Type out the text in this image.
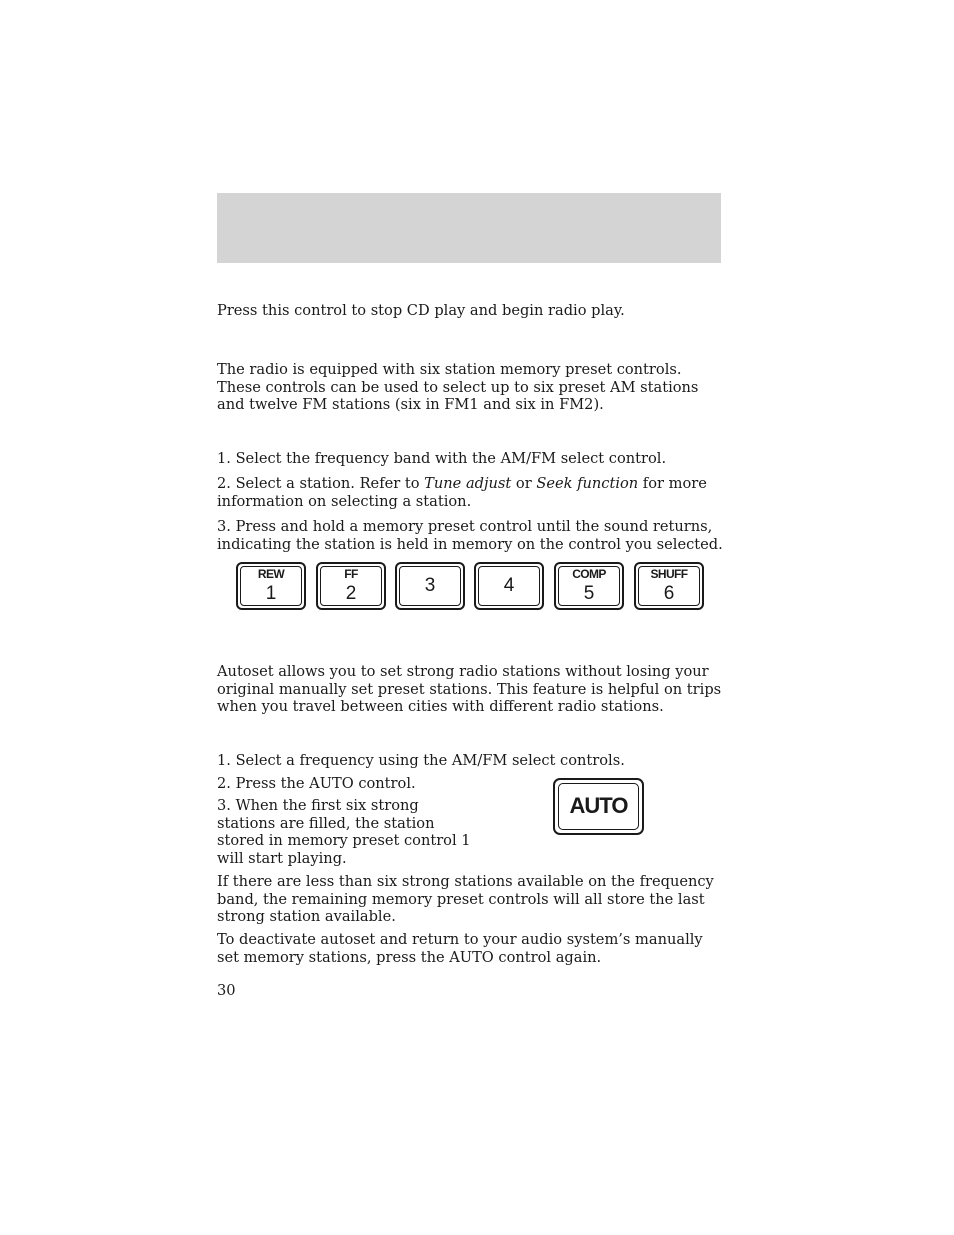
Press this control to stop CD play and begin radio play.

The radio is equipped with six station memory preset controls. These controls can be used to select up to six preset AM stations and twelve FM stations (six in FM1 and six in FM2).

1. Select the frequency band with the AM/FM select control.

2. Select a station. Refer to Tune adjust or Seek function for more information on selecting a station.

3. Press and hold a memory preset control until the sound returns, indicating the station is held in memory on the control you selected.

REW
1
FF
2	3	4
COMP
5
SHUFF
6

Autoset allows you to set strong radio stations without losing your original manually set preset stations. This feature is helpful on trips when you travel between cities with different radio stations.

1. Select a frequency using the AM/FM select controls.

2. Press the AUTO control.

3. When the first six strong stations are filled, the station stored in memory preset control 1 will start playing.

AUTO

If there are less than six strong stations available on the frequency band, the remaining memory preset controls will all store the last strong station available.

To deactivate autoset and return to your audio system’s manually set memory stations, press the AUTO control again.

30
